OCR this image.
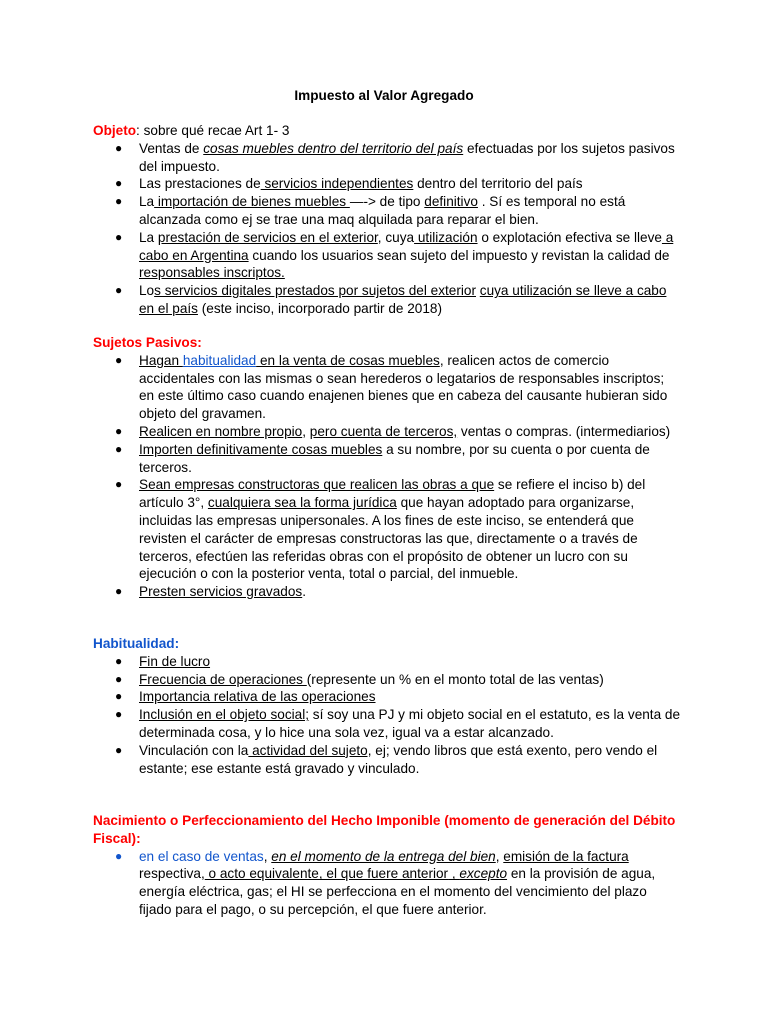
Impuesto al Valor Agregado

Objeto: sobre qué recae Art 1- 3

● Ventas de cosas muebles dentro del territorio del país efectuadas por los sujetos pasivos del impuesto.
● Las prestaciones de servicios independientes dentro del territorio del país
● La importación de bienes muebles —-> de tipo definitivo . Sí es temporal no está alcanzada como ej se trae una maq alquilada para reparar el bien.
● La prestación de servicios en el exterior, cuya utilización o explotación efectiva se lleve a cabo en Argentina cuando los usuarios sean sujeto del impuesto y revistan la calidad de responsables inscriptos.
● Los servicios digitales prestados por sujetos del exterior cuya utilización se lleve a cabo en el país (este inciso, incorporado partir de 2018)

Sujetos Pasivos:

● Hagan habitualidad en la venta de cosas muebles, realicen actos de comercio accidentales con las mismas o sean herederos o legatarios de responsables inscriptos; en este último caso cuando enajenen bienes que en cabeza del causante hubieran sido objeto del gravamen.
● Realicen en nombre propio, pero cuenta de terceros, ventas o compras. (intermediarios)
● Importen definitivamente cosas muebles a su nombre, por su cuenta o por cuenta de terceros.
● Sean empresas constructoras que realicen las obras a que se refiere el inciso b) del artículo 3°, cualquiera sea la forma jurídica que hayan adoptado para organizarse, incluidas las empresas unipersonales. A los fines de este inciso, se entenderá que revisten el carácter de empresas constructoras las que, directamente o a través de terceros, efectúen las referidas obras con el propósito de obtener un lucro con su ejecución o con la posterior venta, total o parcial, del inmueble.
● Presten servicios gravados.

Habitualidad:

● Fin de lucro
● Frecuencia de operaciones (represente un % en el monto total de las ventas)
● Importancia relativa de las operaciones
● Inclusión en el objeto social; sí soy una PJ y mi objeto social en el estatuto, es la venta de determinada cosa, y lo hice una sola vez, igual va a estar alcanzado.
● Vinculación con la actividad del sujeto, ej; vendo libros que está exento, pero vendo el estante; ese estante está gravado y vinculado.

Nacimiento o Perfeccionamiento del Hecho Imponible (momento de generación del Débito Fiscal):

● en el caso de ventas, en el momento de la entrega del bien, emisión de la factura respectiva, o acto equivalente, el que fuere anterior , excepto en la provisión de agua, energía eléctrica, gas; el HI se perfecciona en el momento del vencimiento del plazo fijado para el pago, o su percepción, el que fuere anterior.
